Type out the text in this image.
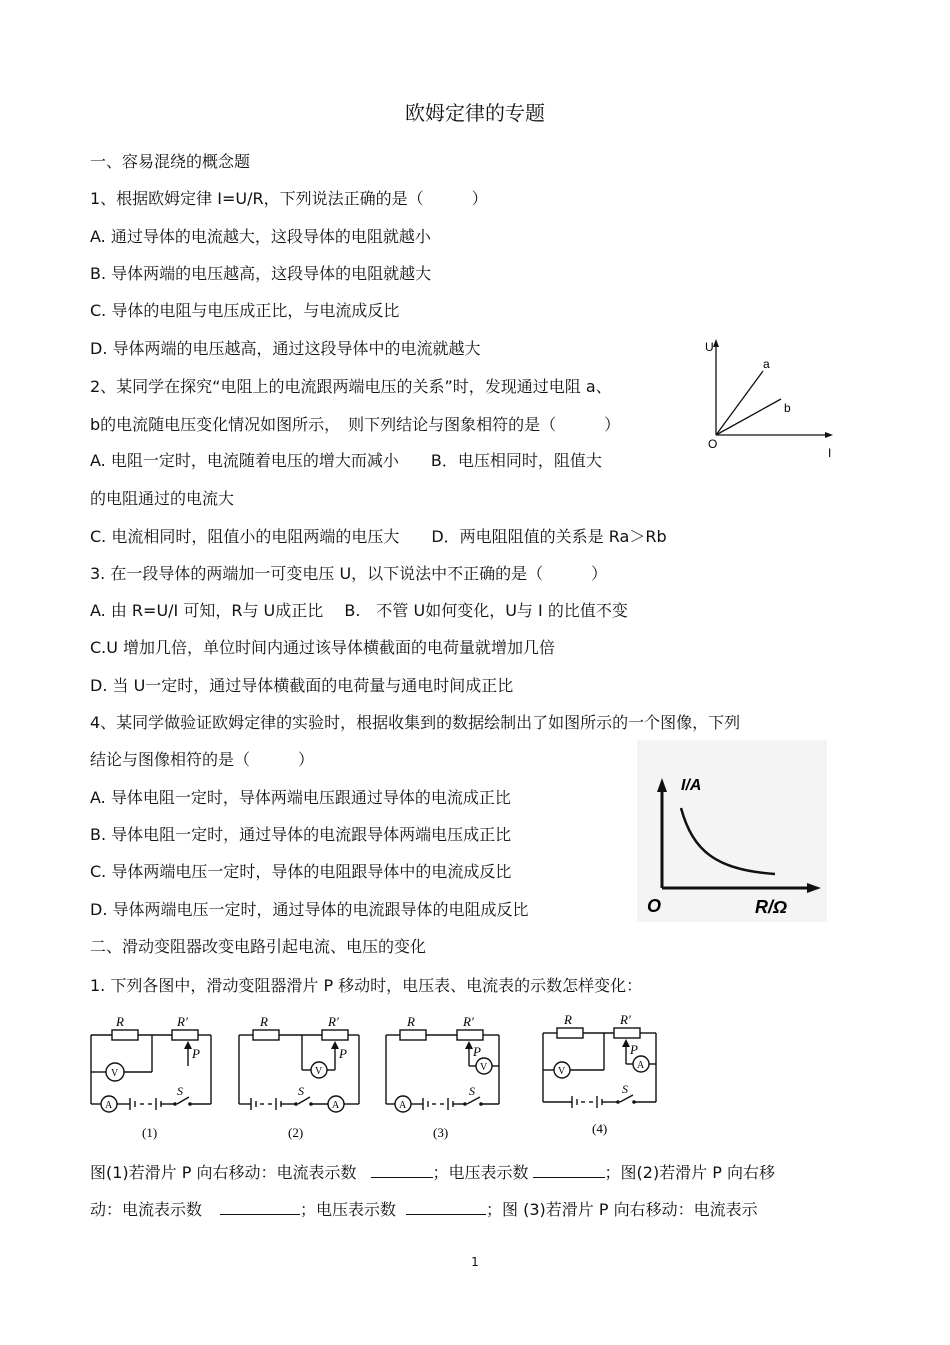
欧姆定律的专题
一、容易混绕的概念题
1、根据欧姆定律 I=U/R，下列说法正确的是（　　　）
A. 通过导体的电流越大，这段导体的电阻就越小
B. 导体两端的电压越高，这段导体的电阻就越大
C. 导体的电阻与电压成正比，与电流成反比
D. 导体两端的电压越高，通过这段导体中的电流就越大
2、某同学在探究“电阻上的电流跟两端电压的关系”时，发现通过电阻 a、
b的电流随电压变化情况如图所示，　则下列结论与图象相符的是（　　　）
A. 电阻一定时，电流随着电压的增大而减小　　B．电压相同时，阻值大
的电阻通过的电流大
C. 电流相同时，阻值小的电阻两端的电压大　　D．两电阻阻值的关系是 Ra＞Rb
U
I
O
a
b
3. 在一段导体的两端加一可变电压 U，以下说法中不正确的是（　　　）
A. 由 R=U/I 可知，R与 U成正比　 B.　不管 U如何变化，U与 I 的比值不变
C.U 增加几倍，单位时间内通过该导体横截面的电荷量就增加几倍
D. 当 U一定时，通过导体横截面的电荷量与通电时间成正比
4、某同学做验证欧姆定律的实验时，根据收集到的数据绘制出了如图所示的一个图像，下列
结论与图像相符的是（　　　）
A. 导体电阻一定时，导体两端电压跟通过导体的电流成正比
B. 导体电阻一定时，通过导体的电流跟导体两端电压成正比
C. 导体两端电压一定时，导体的电阻跟导体中的电流成反比
D. 导体两端电压一定时，通过导体的电流跟导体的电阻成反比
I/A
O	R/Ω
二、滑动变阻器改变电路引起电流、电压的变化
1. 下列各图中，滑动变阻器滑片 P 移动时，电压表、电流表的示数怎样变化：
R	R′
P
V
A
S
(1)
R	R′
P
V
A
S
(2)
R	R′
P
V
A
S
(3)
R	R′
P
V
A
S
(4)
图(1)若滑片 P 向右移动：电流表示数	；电压表示数	；图(2)若滑片 P 向右移
动：电流表示数	；电压表示数	；图 (3)若滑片 P 向右移动：电流表示
1
